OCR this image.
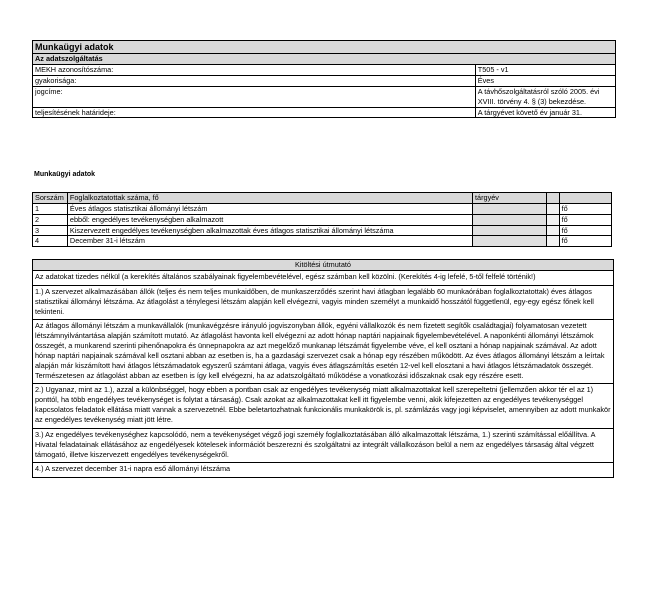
Munkaügyi adatok	
Az adatszolgáltatás	
MEKH azonosítószáma:	T505 - v1
gyakorisága:	Éves
jogcíme:	A távhőszolgáltatásról szóló 2005. évi XVIII. törvény 4. § (3) bekezdése.
teljesítésének határideje:	A tárgyévet követő év január 31.
Munkaügyi adatok
Sorszám	Foglalkoztatottak száma, fő	tárgyév		
1	Éves átlagos statisztikai állományi létszám			fő
2	ebből: engedélyes tevékenységben alkalmazott			fő
3	Kiszervezett engedélyes tevékenységben alkalmazottak éves átlagos statisztikai állományi létszáma			fő
4	December 31-i létszám			fő
Kitöltési útmutató
Az adatokat tizedes nélkül (a kerekítés általános szabályainak figyelembevételével, egész számban kell közölni. (Kerekítés 4-ig lefelé, 5-től felfelé történik!)
1.) A szervezet alkalmazásában állók (teljes és nem teljes munkaidőben, de munkaszerződés szerint havi átlagban legalább 60 munkaórában foglalkoztatottak) éves átlagos statisztikai állományi létszáma. Az átlagolást a ténylegesi létszám alapján kell elvégezni, vagyis minden személyt a munkaidő hosszától függetlenül, egy-egy egész főnek kell tekinteni.
Az átlagos állományi létszám a munkavállalók (munkavégzésre irányuló jogviszonyban állók, egyéni vállalkozók és nem fizetett segítők családtagjai) folyamatosan vezetett létszámnyilvántartása alapján számított mutató. Az átlagolást havonta kell elvégezni az adott hónap naptári napjainak figyelembevételével. A naponkénti állományi létszámok összegét, a munkarend szerinti pihenőnapokra és ünnepnapokra az azt megelőző munkanap létszámát figyelembe véve, el kell osztani a hónap napjainak számával. Az adott hónap naptári napjainak számával kell osztani abban az esetben is, ha a gazdasági szervezet csak a hónap egy részében működött. Az éves átlagos állományi létszám a leírtak alapján már kiszámított havi átlagos létszámadatok egyszerű számtani átlaga, vagyis éves átlagszámítás esetén 12-vel kell elosztani a havi átlagos létszámadatok összegét. Természetesen az átlagolást abban az esetben is így kell elvégezni, ha az adatszolgáltató működése a vonatkozási időszaknak csak egy részére esett.
2.) Ugyanaz, mint az 1.), azzal a különbséggel, hogy ebben a pontban csak az engedélyes tevékenység miatt alkalmazottakat kell szerepeltetni (jellemzően akkor tér el az 1) ponttól, ha több engedélyes tevékenységet is folytat a társaság). Csak azokat az alkalmazottakat kell itt figyelembe venni, akik kifejezetten az engedélyes tevékenységgel kapcsolatos feladatok ellátása miatt vannak a szervezetnél. Ebbe beletartozhatnak funkcionális munkakörök is, pl. számlázás vagy jogi képviselet, amennyiben az adott munkakör az engedélyes tevékenység miatt jött létre.
3.) Az engedélyes tevékenységhez kapcsolódó, nem a tevékenységet végző jogi személy foglalkoztatásában álló alkalmazottak létszáma, 1.) szerinti számítással előállítva. A Hivatal feladatainak ellátásához az engedélyesek kötelesek információt beszerezni és szolgáltatni az integrált vállalkozáson belül a nem az engedélyes társaság által végzett támogató, illetve kiszervezett engedélyes tevékenységekről.
4.) A szervezet december 31-i napra eső állományi létszáma
